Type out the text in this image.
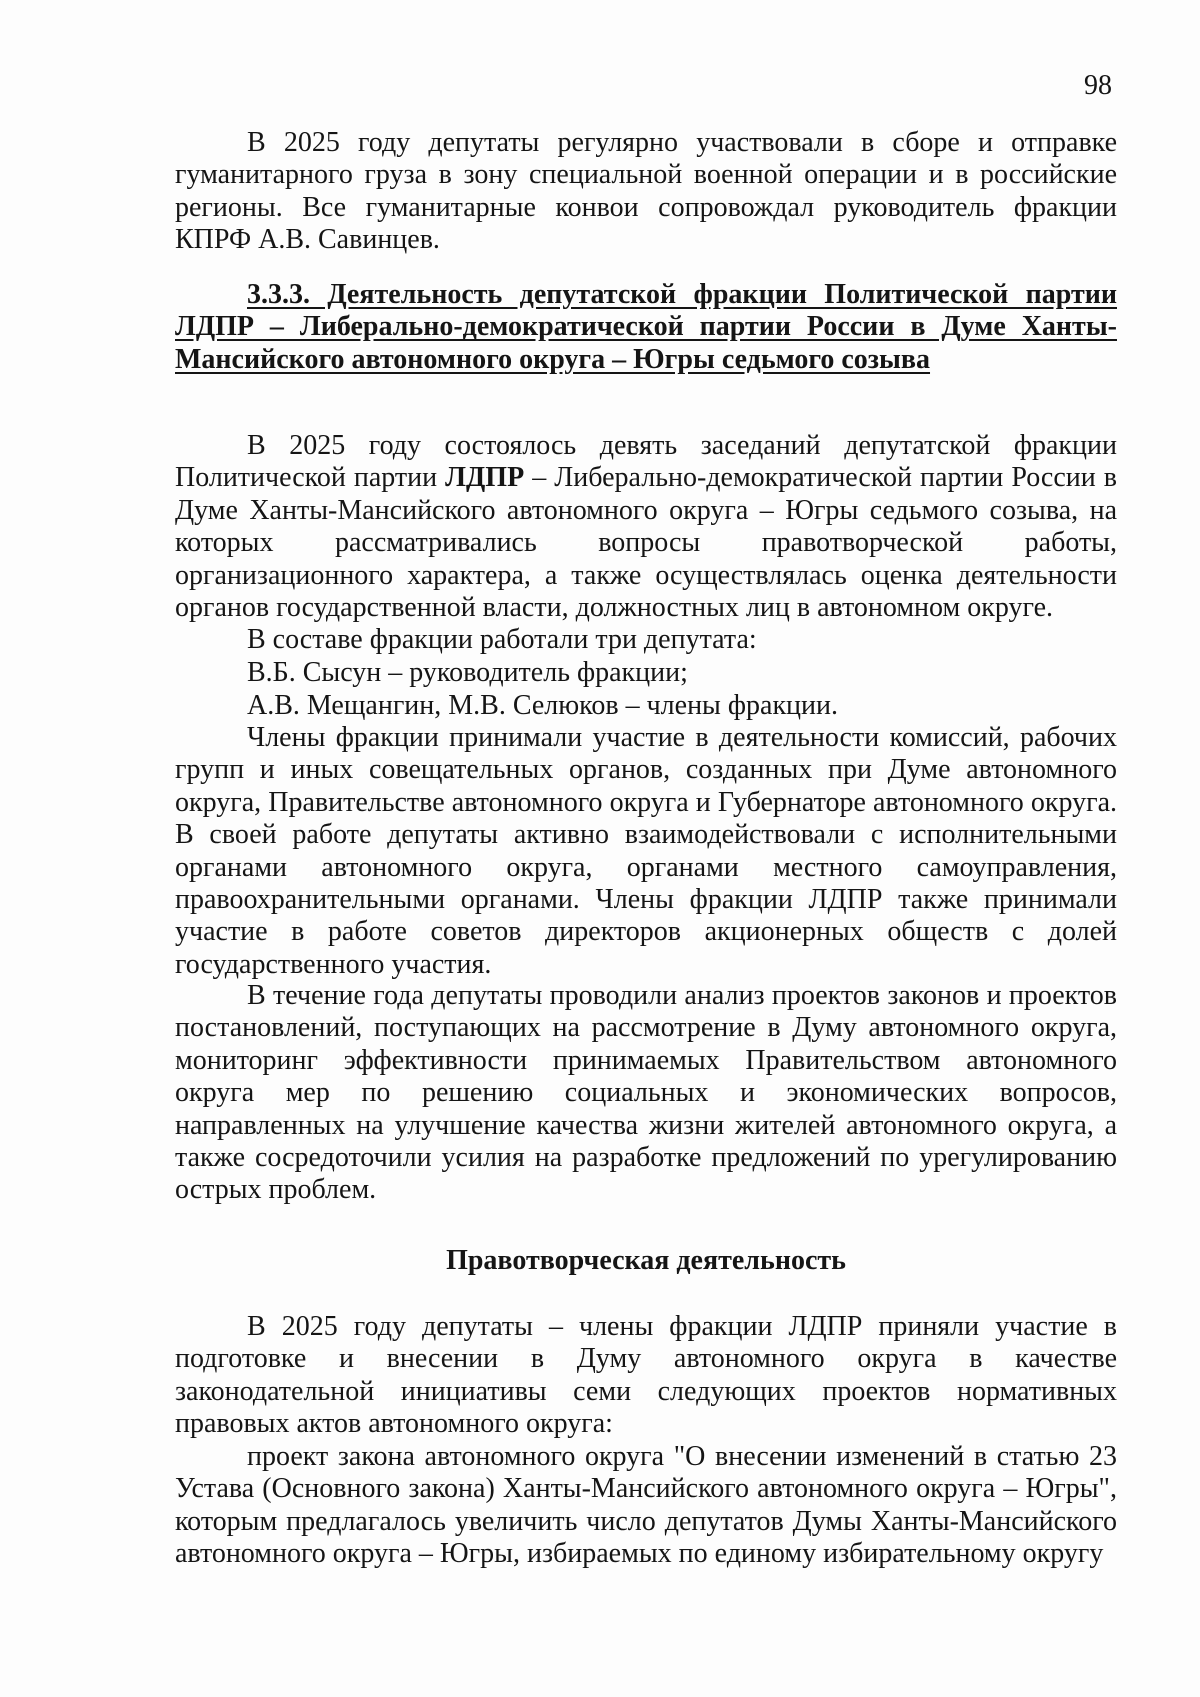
98

В 2025 году депутаты регулярно участвовали в сборе и отправке гуманитарного груза в зону специальной военной операции и в российские регионы. Все гуманитарные конвои сопровождал руководитель фракции КПРФ А.В. Савинцев.

3.3.3. Деятельность депутатской фракции Политической партии
ЛДПР – Либерально-демократической партии России в Думе Ханты-
Мансийского автономного округа – Югры седьмого созыва

В 2025 году состоялось девять заседаний депутатской фракции Политической партии ЛДПР – Либерально-демократической партии России в Думе Ханты-Мансийского автономного округа – Югры седьмого созыва, на которых рассматривались вопросы правотворческой работы, организационного характера, а также осуществлялась оценка деятельности органов государственной власти, должностных лиц в автономном округе.

В составе фракции работали три депутата:

В.Б. Сысун – руководитель фракции;

А.В. Мещангин, М.В. Селюков – члены фракции.

Члены фракции принимали участие в деятельности комиссий, рабочих групп и иных совещательных органов, созданных при Думе автономного округа, Правительстве автономного округа и Губернаторе автономного округа. В своей работе депутаты активно взаимодействовали с исполнительными органами автономного округа, органами местного самоуправления, правоохранительными органами. Члены фракции ЛДПР также принимали участие в работе советов директоров акционерных обществ с долей государственного участия.

В течение года депутаты проводили анализ проектов законов и проектов постановлений, поступающих на рассмотрение в Думу автономного округа, мониторинг эффективности принимаемых Правительством автономного округа мер по решению социальных и экономических вопросов, направленных на улучшение качества жизни жителей автономного округа, а также сосредоточили усилия на разработке предложений по урегулированию острых проблем.

Правотворческая деятельность

В 2025 году депутаты – члены фракции ЛДПР приняли участие в подготовке и внесении в Думу автономного округа в качестве законодательной инициативы семи следующих проектов нормативных правовых актов автономного округа:

проект закона автономного округа "О внесении изменений в статью 23 Устава (Основного закона) Ханты-Мансийского автономного округа – Югры", которым предлагалось увеличить число депутатов Думы Ханты-Мансийского автономного округа – Югры, избираемых по единому избирательному округу
